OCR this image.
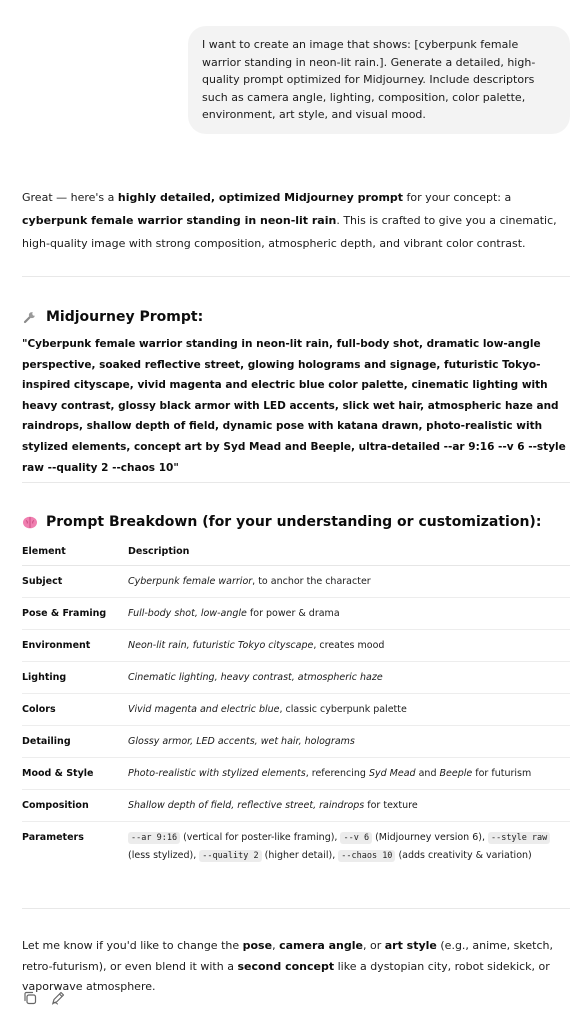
I want to create an image that shows: [cyberpunk female warrior standing in neon-lit rain.]. Generate a detailed, high-quality prompt optimized for Midjourney. Include descriptors such as camera angle, lighting, composition, color palette, environment, art style, and visual mood.
Great — here's a highly detailed, optimized Midjourney prompt for your concept: a cyberpunk female warrior standing in neon-lit rain. This is crafted to give you a cinematic, high-quality image with strong composition, atmospheric depth, and vibrant color contrast.
Midjourney Prompt:
"Cyberpunk female warrior standing in neon-lit rain, full-body shot, dramatic low-angle perspective, soaked reflective street, glowing holograms and signage, futuristic Tokyo-inspired cityscape, vivid magenta and electric blue color palette, cinematic lighting with heavy contrast, glossy black armor with LED accents, slick wet hair, atmospheric haze and raindrops, shallow depth of field, dynamic pose with katana drawn, photo-realistic with stylized elements, concept art by Syd Mead and Beeple, ultra-detailed --ar 9:16 --v 6 --style raw --quality 2 --chaos 10"
Prompt Breakdown (for your understanding or customization):
Element	Description
Subject	Cyberpunk female warrior, to anchor the character
Pose & Framing	Full-body shot, low-angle for power & drama
Environment	Neon-lit rain, futuristic Tokyo cityscape, creates mood
Lighting	Cinematic lighting, heavy contrast, atmospheric haze
Colors	Vivid magenta and electric blue, classic cyberpunk palette
Detailing	Glossy armor, LED accents, wet hair, holograms
Mood & Style	Photo-realistic with stylized elements, referencing Syd Mead and Beeple for futurism
Composition	Shallow depth of field, reflective street, raindrops for texture
Parameters	--ar 9:16 (vertical for poster-like framing), --v 6 (Midjourney version 6), --style raw (less stylized), --quality 2 (higher detail), --chaos 10 (adds creativity & variation)
Let me know if you'd like to change the pose, camera angle, or art style (e.g., anime, sketch, retro-futurism), or even blend it with a second concept like a dystopian city, robot sidekick, or vaporwave atmosphere.
